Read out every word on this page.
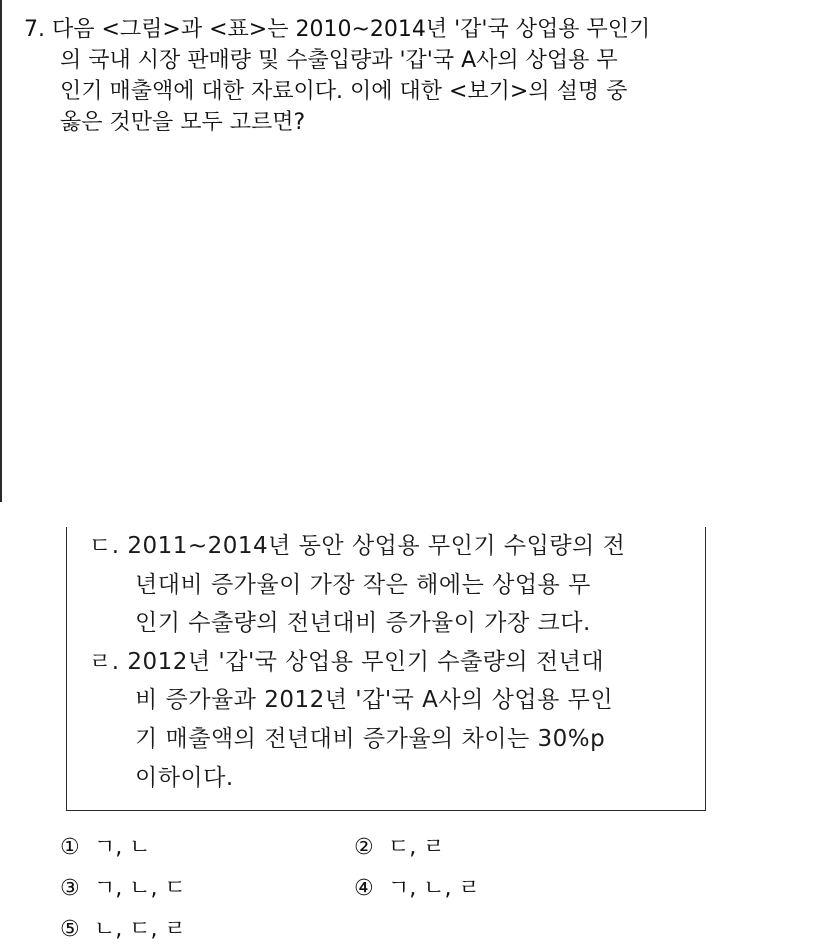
7. 다음 <그림>과 <표>는 2010~2014년 '갑'국 상업용 무인기
의 국내 시장 판매량 및 수출입량과 '갑'국 A사의 상업용 무
인기 매출액에 대한 자료이다. 이에 대한 <보기>의 설명 중
옳은 것만을 모두 고르면?
ㄷ. 2011~2014년 동안 상업용 무인기 수입량의 전
년대비 증가율이 가장 작은 해에는 상업용 무
인기 수출량의 전년대비 증가율이 가장 크다.
ㄹ. 2012년 '갑'국 상업용 무인기 수출량의 전년대
비 증가율과 2012년 '갑'국 A사의 상업용 무인
기 매출액의 전년대비 증가율의 차이는 30%p
이하이다.
① ㄱ, ㄴ	② ㄷ, ㄹ
③ ㄱ, ㄴ, ㄷ	④ ㄱ, ㄴ, ㄹ
⑤ ㄴ, ㄷ, ㄹ
